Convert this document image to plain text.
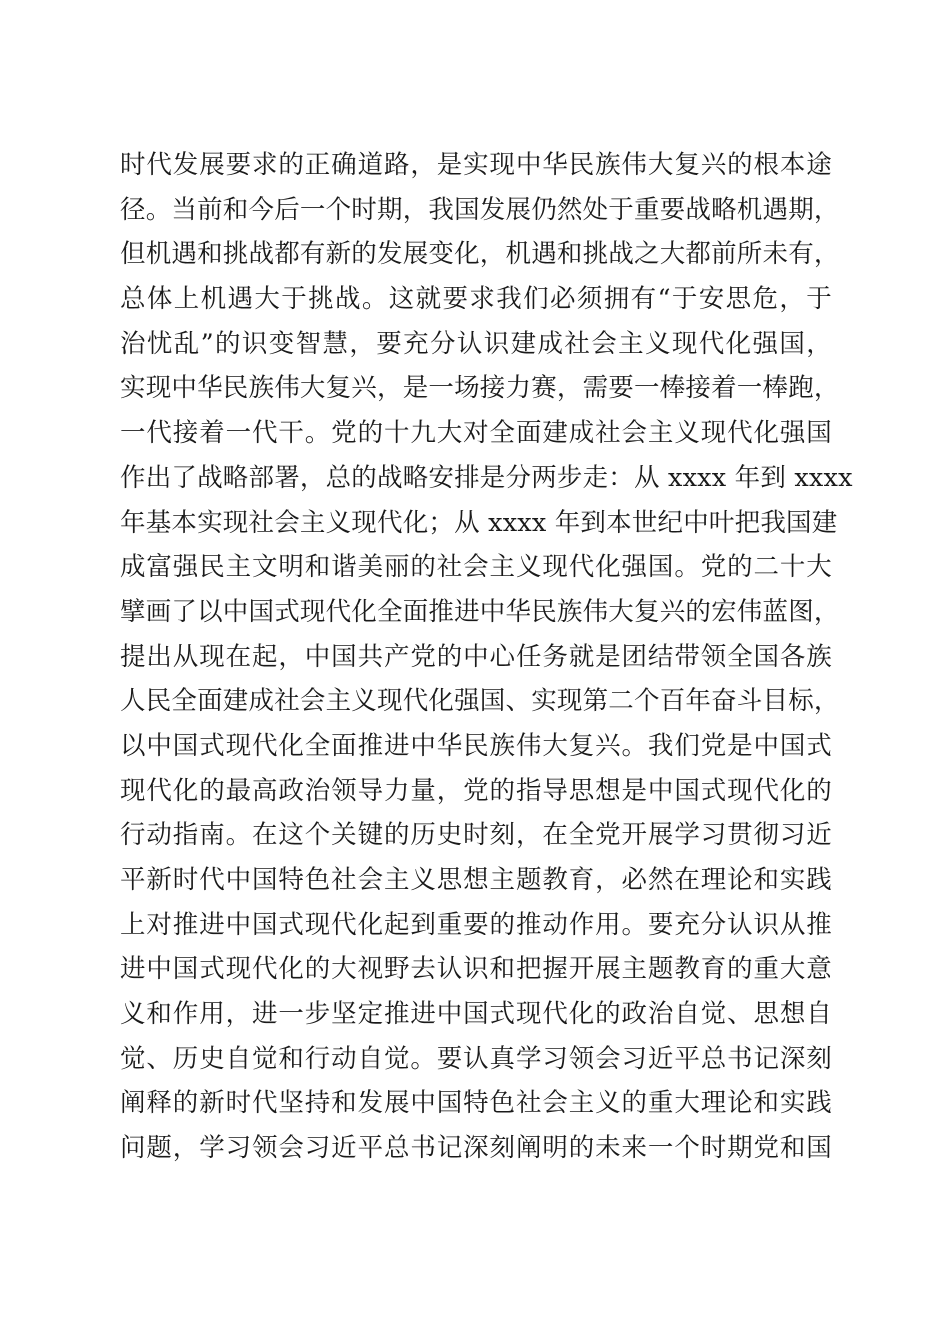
时代发展要求的正确道路，是实现中华民族伟大复兴的根本途
径。当前和今后一个时期，我国发展仍然处于重要战略机遇期，
但机遇和挑战都有新的发展变化，机遇和挑战之大都前所未有，
总体上机遇大于挑战。这就要求我们必须拥有“于安思危，于
治忧乱”的识变智慧，要充分认识建成社会主义现代化强国，
实现中华民族伟大复兴，是一场接力赛，需要一棒接着一棒跑，
一代接着一代干。党的十九大对全面建成社会主义现代化强国
作出了战略部署，总的战略安排是分两步走：从 xxxx 年到 xxxx
年基本实现社会主义现代化；从 xxxx 年到本世纪中叶把我国建
成富强民主文明和谐美丽的社会主义现代化强国。党的二十大
擘画了以中国式现代化全面推进中华民族伟大复兴的宏伟蓝图，
提出从现在起，中国共产党的中心任务就是团结带领全国各族
人民全面建成社会主义现代化强国、实现第二个百年奋斗目标，
以中国式现代化全面推进中华民族伟大复兴。我们党是中国式
现代化的最高政治领导力量，党的指导思想是中国式现代化的
行动指南。在这个关键的历史时刻，在全党开展学习贯彻习近
平新时代中国特色社会主义思想主题教育，必然在理论和实践
上对推进中国式现代化起到重要的推动作用。要充分认识从推
进中国式现代化的大视野去认识和把握开展主题教育的重大意
义和作用，进一步坚定推进中国式现代化的政治自觉、思想自
觉、历史自觉和行动自觉。要认真学习领会习近平总书记深刻
阐释的新时代坚持和发展中国特色社会主义的重大理论和实践
问题，学习领会习近平总书记深刻阐明的未来一个时期党和国
